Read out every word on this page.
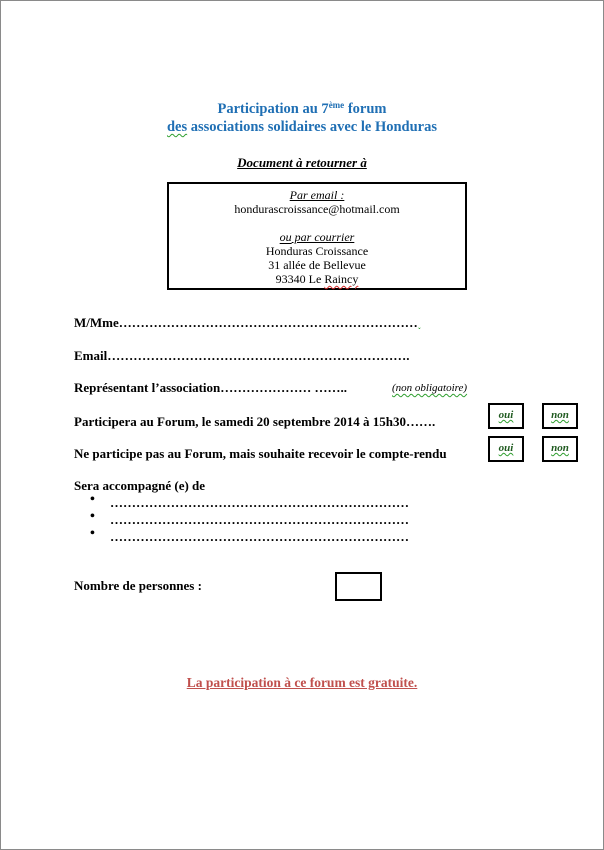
Participation au 7ème forum
des associations solidaires avec le Honduras
Document à retourner à
Par email :
hondurascroissance@hotmail.com
ou par courrier
Honduras Croissance
31 allée de Bellevue
93340 Le Raincy
M/Mme……………………………………………………………˯
Email…………………………………………………………….
Représentant l’association………………… ……..	(non obligatoire)
Participera au Forum, le samedi 20 septembre 2014 à 15h30…….	oui	non
Ne participe pas au Forum, mais souhaite recevoir le compte-rendu	oui	non
Sera accompagné (e) de
• ……………………………………………………………
• ……………………………………………………………
• ……………………………………………………………
Nombre de personnes :
La participation à ce forum est gratuite.
